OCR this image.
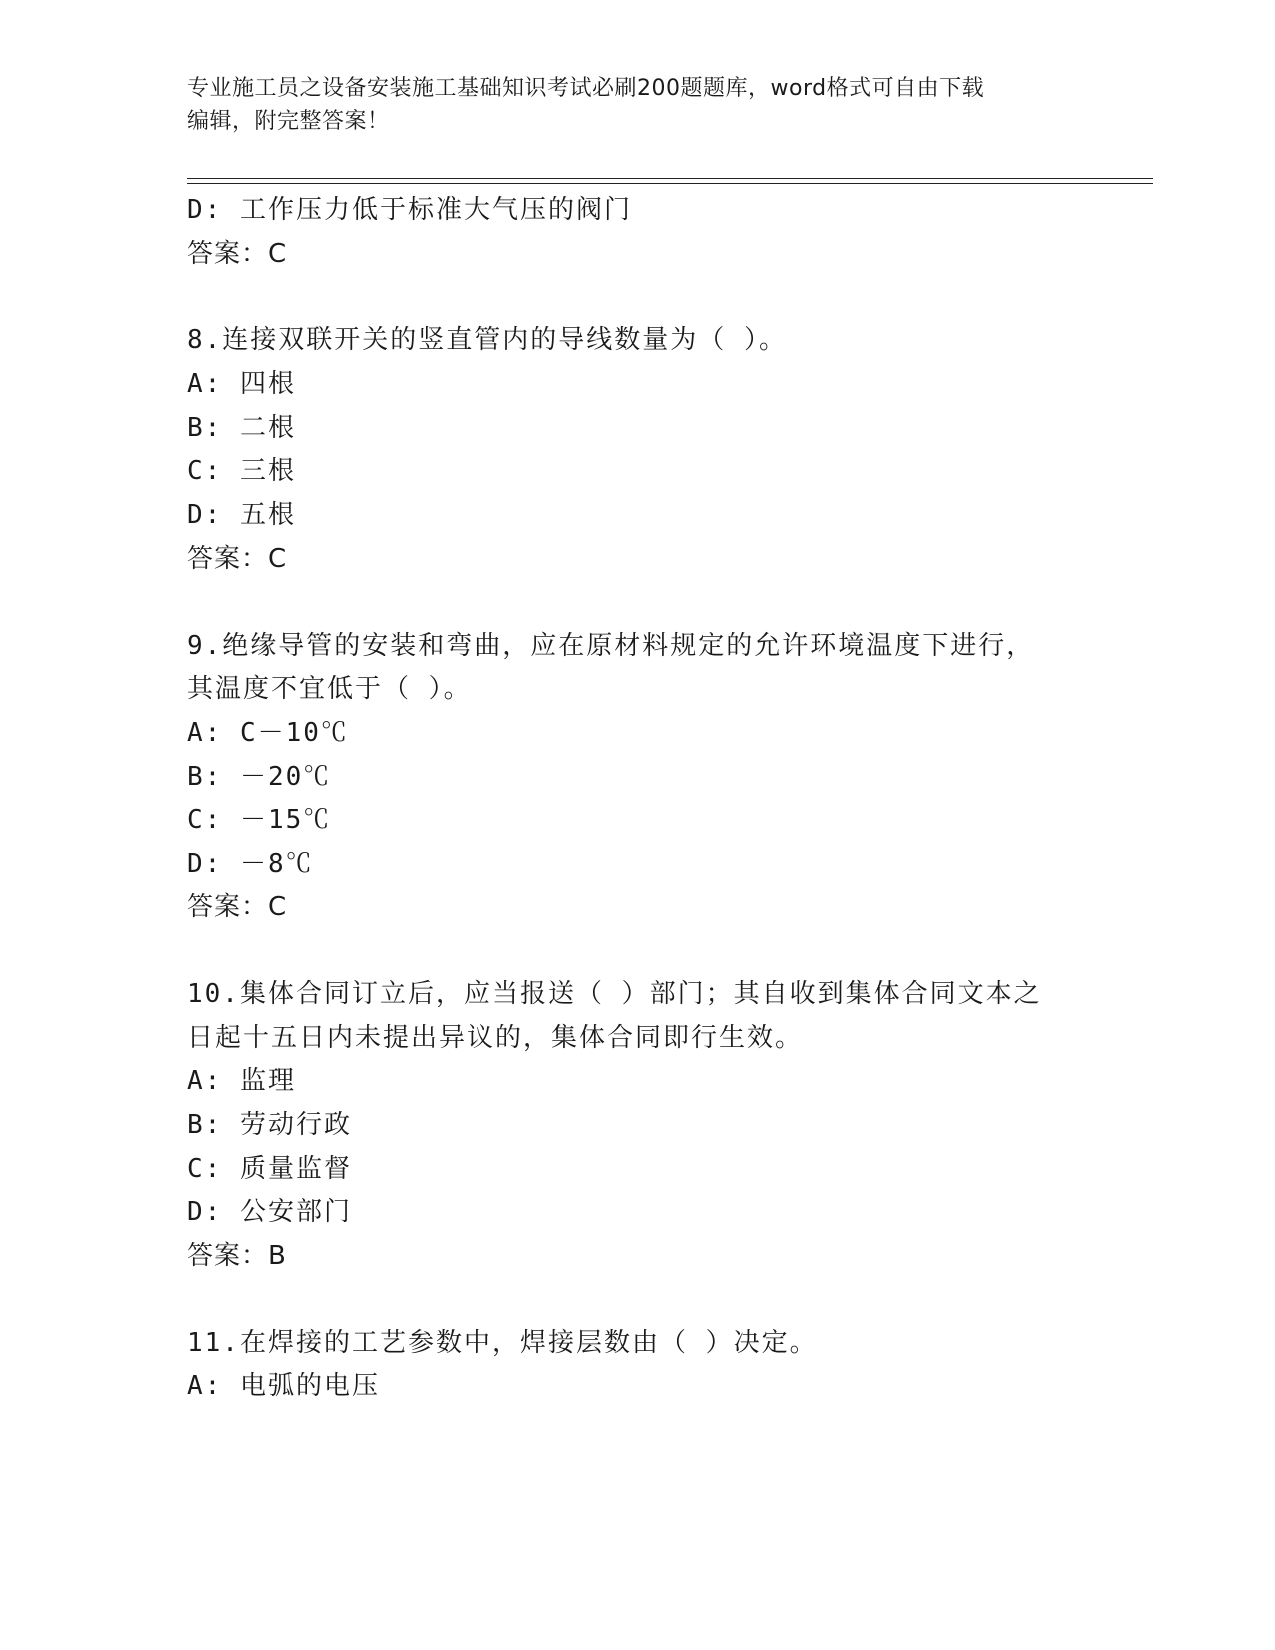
专业施工员之设备安装施工基础知识考试必刷200题题库，word格式可自由下载
编辑，附完整答案！
D: 工作压力低于标准大气压的阀门
答案：C
8.连接双联开关的竖直管内的导线数量为（ ）。
A: 四根
B: 二根
C: 三根
D: 五根
答案：C
9.绝缘导管的安装和弯曲，应在原材料规定的允许环境温度下进行，
其温度不宜低于（ ）。
A: C－10℃
B: －20℃
C: －15℃
D: －8℃
答案：C
10.集体合同订立后，应当报送（ ）部门；其自收到集体合同文本之
日起十五日内未提出异议的，集体合同即行生效。
A: 监理
B: 劳动行政
C: 质量监督
D: 公安部门
答案：B
11.在焊接的工艺参数中，焊接层数由（ ）决定。
A: 电弧的电压
